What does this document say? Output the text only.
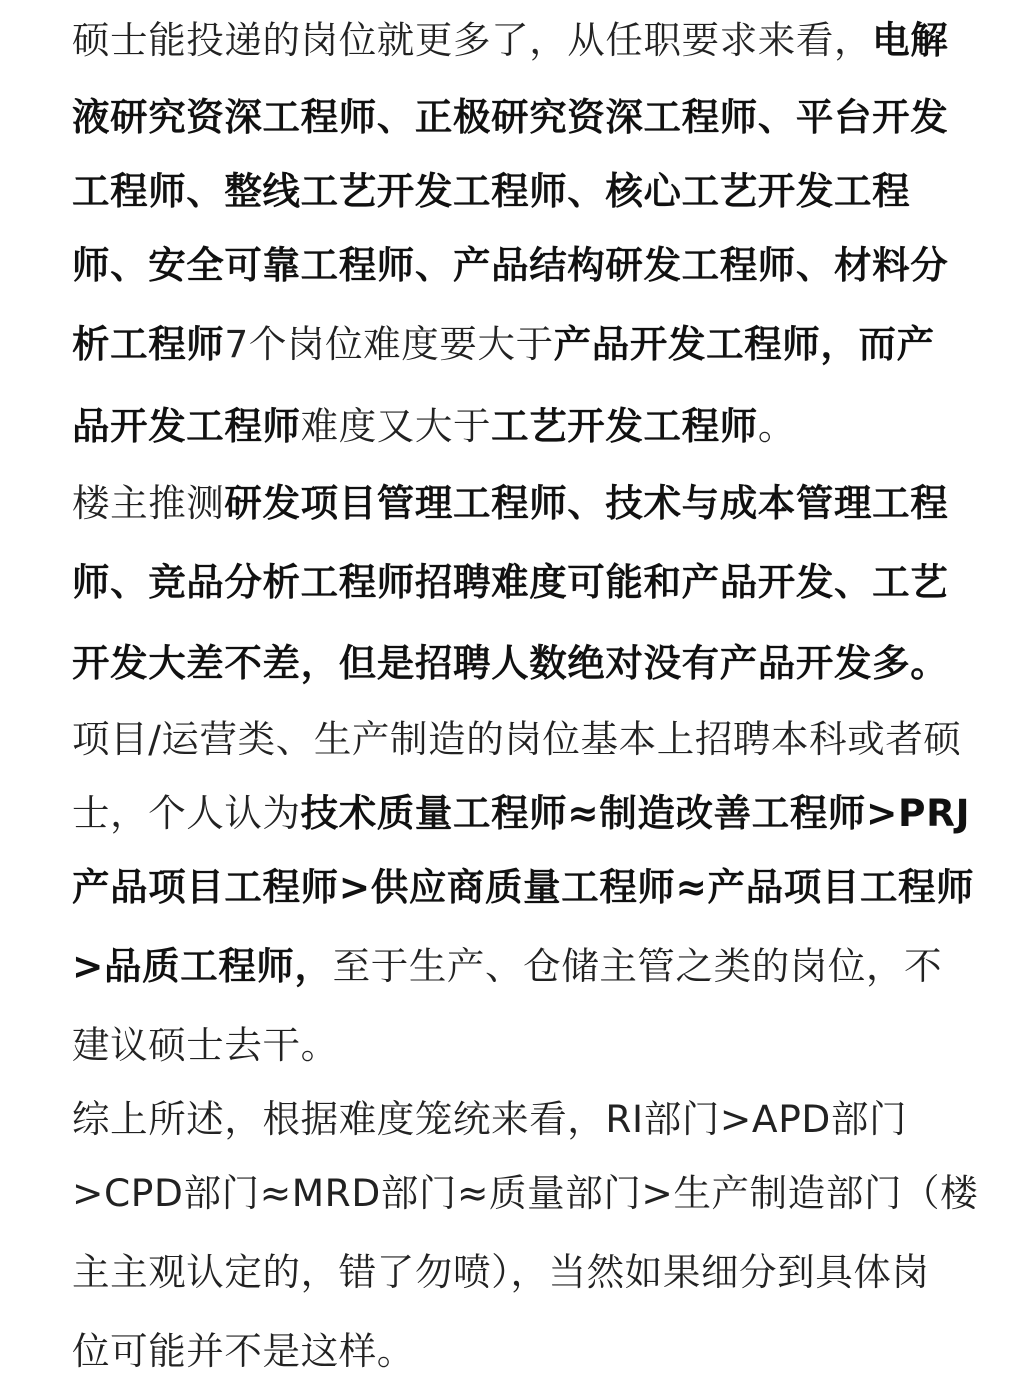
硕士能投递的岗位就更多了，从任职要求来看，电解
液研究资深工程师、正极研究资深工程师、平台开发
工程师、整线工艺开发工程师、核心工艺开发工程
师、安全可靠工程师、产品结构研发工程师、材料分
析工程师7个岗位难度要大于产品开发工程师，而产
品开发工程师难度又大于工艺开发工程师。
楼主推测研发项目管理工程师、技术与成本管理工程
师、竞品分析工程师招聘难度可能和产品开发、工艺
开发大差不差，但是招聘人数绝对没有产品开发多。
项目/运营类、生产制造的岗位基本上招聘本科或者硕
士，个人认为技术质量工程师≈制造改善工程师>PRJ
产品项目工程师>供应商质量工程师≈产品项目工程师
>品质工程师，至于生产、仓储主管之类的岗位，不
建议硕士去干。
综上所述，根据难度笼统来看，RI部门>APD部门
>CPD部门≈MRD部门≈质量部门>生产制造部门（楼
主主观认定的，错了勿喷），当然如果细分到具体岗
位可能并不是这样。
